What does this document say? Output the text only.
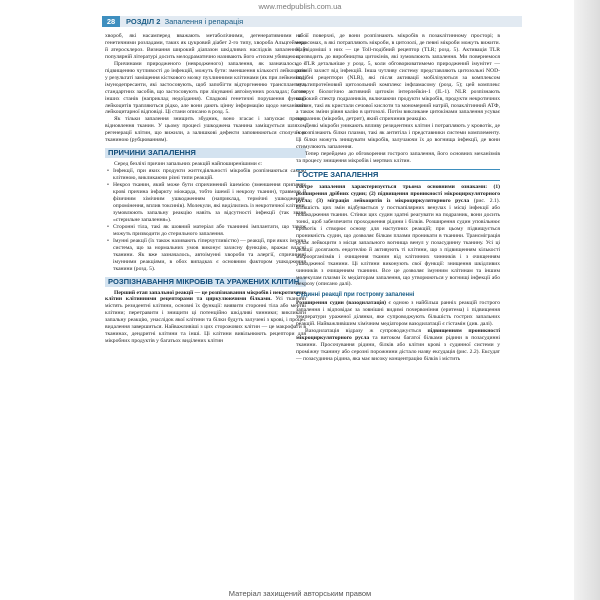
www.medpublish.com.ua
28	РОЗДІЛ 2 Запалення і репарація

хвороб, які насамперед вважають метаболічними, дегенеративними або генетичними розладами, таких як цукровий діабет 2-го типу, хвороба Альцгеймера й атеросклероз. Визнання широкий діапазон шкідливих наслідків запалення, у популярній літературі досить мелодраматично називають його «тихим убивцею».

Причинами природженого (невродженого) запалення, як зазначалось, є підвищенню чутливості до інфекцій, можуть бути: зменшення кількості лейкоцитів у результаті заміщення кісткового мозку пухлинними клітинами (як при лейкеміях); імунодепресанти, які застосовують, щоб запобігти відторгненню трансплантата, стандартних засобів, що застосовують при лікуванні автоімунних розладах; багато інших станів (наприклад недоїдання). Спадкові генетичні порушення функції лейкоцитів трапляються рідко, але вони дають цінну інформацію щодо механізмів лейкоцитарної відповіді. Ці стани описано в розд. 5.

Як тільки запалення знищить збудник, воно згасає і запускає процес відновлення тканин. У цьому процесі ушкоджена тканина заміщується шляхом регенерації клітин, що вижили, а залишкові дефекти заповнюються сполучною тканиною (рубцюванням).

ПРИЧИНИ ЗАПАЛЕННЯ

Серед безлічі причин запальних реакцій найпоширенішими є:

• Інфекції, при яких продукти життєдіяльності мікробів розпізнаються самою клітиною, викликаючи різні типи реакцій.
• Некроз тканин, який може бути спричинений ішемією (зменшення припливу крові причина інфаркту міокарда, тобто ішемії і некрозу тканин), травмою й фізичним хімічним ушкодженням (наприклад, термічні ушкодження, опромінення, вплив токсинів). Молекули, які виділились із некротичної клітини, зумовлюють запальну реакцію навіть за відсутності інфекції (так зване «стерильне запалення»).
• Сторонні тіла, такі як шовний матеріал або тканинні імплантати, що також можуть призводити до стерильного запалення.
• Імунні реакції (їх також називають гіперчутливістю) — реакції, при яких імунна система, що за нормальних умов виконує захисну функцію, вражає власні тканини. Як вже зазначалось, автоімунні хвороби та алергії, спричинені імунними реакціями, в обох випадках є основним фактором ушкодження тканини (розд. 5).
РОЗПІЗНАВАННЯ МІКРОБІВ ТА УРАЖЕНИХ КЛІТИН

Перший етап запальної реакції — це розпізнавання мікробів і некротичних клітин клітинними рецепторами та циркулюючими білками. Усі тканини містять резидентні клітини, основні їх функції: виявити сторонні тіла або мертві клітини; перетравити і знищити ці потенційно шкідливі чинники; викликати запальну реакцію, унаслідок якої клітини та білки будуть залучені з крові, і процес видалення завершиться. Найважливіші з цих сторожових клітин — це макрофаги в тканинах, дендритні клітини та інші. Ці клітини вивільнюють рецептори для мікробних продуктів у багатьох виділених клітин

на її поверхні, де вони розпізнають мікробів в позаклітинному просторі; в ендосомах, в які потрапляють мікроби, в цитозолі, де певні мікроби можуть вижити. Найвідоміші з них — це Toll-подібний рецептор (TLR; розд. 5). Активація TLR призводить до виробництва цитокінів, які зумовлюють запалення. Ми повернемося до TLR детальніше у розд. 5, коли обговорюватимемо природжений імунітет — ранній захист від інфекцій. Інша чутливу систему представляють цитозольні NOD-подібні рецептори (NLR), які після активації мобілізуються за комплексом мультипротеїновий цитозольний комплекс інфламасому (розд. 5); цей комплекс генерує біологічно активний цитокін інтерлейкін-1 (IL-1). NLR розпізнають широкий спектр подразників, включаючи продукти мікробів, продукти некротичних клітин, такі як кристали сечової кислоти та мономерний натрій, позаклітинний АТФ, а також зміни рівня калію в цитозолі. Потім викликане цитокінами запалення усуває подразник (мікроби, детрит), який спричинив реакцію.

Деякі мікроби уникають впливу резидентних клітин і потрапляють у кровотік, де їх розпізнають білки плазми, такі як антитіла і представники системи комплементу. Ці білки можуть знищувати мікробів, залучаючи їх до вогнища інфекції, де вони стимулюють запалення.

Тепер перейдемо до обговорення гострого запалення, його основних механізмів та процесу знищення мікробів і мертвих клітин.

ГОСТРЕ ЗАПАЛЕННЯ

Гостре запалення характеризується трьома основними ознаками: (1) розширення дрібних судин; (2) підвищення проникності мікроциркуляторного русла; (3) міграція лейкоцитів із мікроциркуляторного русла (рис. 2.1). Більшість цих змін відбувається у посткапілярних венулах і місці інфекції або пошкодження тканин. Стінки цих судин здатні реагувати на подразник, вони досить тонкі, щоб забезпечити проходження рідини і білків. Розширення судин уповільнює кровотік і створює основу для наступних реакцій; при цьому підвищується проникність судин, що дозволяє білкам плазми проникати в тканини. Трансміграція рухає лейкоцити з місця запального вогнища венул у позасудинну тканину. Усі ці реакції досягають ендотелію й активують ті клітини, що з підвищенням кількості мікроорганізмів і очищення тканин від клітинних чинників і з очищенням ушкодженої тканини. Ці клітини виконують свої функції: знищення шкідливих чинників з очищенням тканини. Все це дозволяє імунним клітинам та іншим молекулам плазми їх медіаторам запалення, що утворюються у вогнищі інфекції або некрозу (описано далі).

Судинні реакції при гострому запаленні

Розширення судин (вазодилатація) є одною з найбільш ранніх реакцій гострого запалення і відповідає за зовнішні видимі почервоніння (еритема) і підвищення температури ураженої ділянки, яке супроводжують більшість гострих запальних реакцій. Найважливішим хімічним медіатором вазодилатації є гістамін (див. далі).

Вазодилатація відразу ж супроводжується підвищенням проникності мікроциркуляторного русла та витоком багатої білками рідини в позасудинні тканини. Просочування рідини, білків або клітин крові з судинної системи у проміжну тканину або серозні порожнини дістало назву ексудація (рис. 2.2). Ексудат — позасудинна рідина, яка має високу концентрацію білків і містить

Матеріал захищений авторським правом
